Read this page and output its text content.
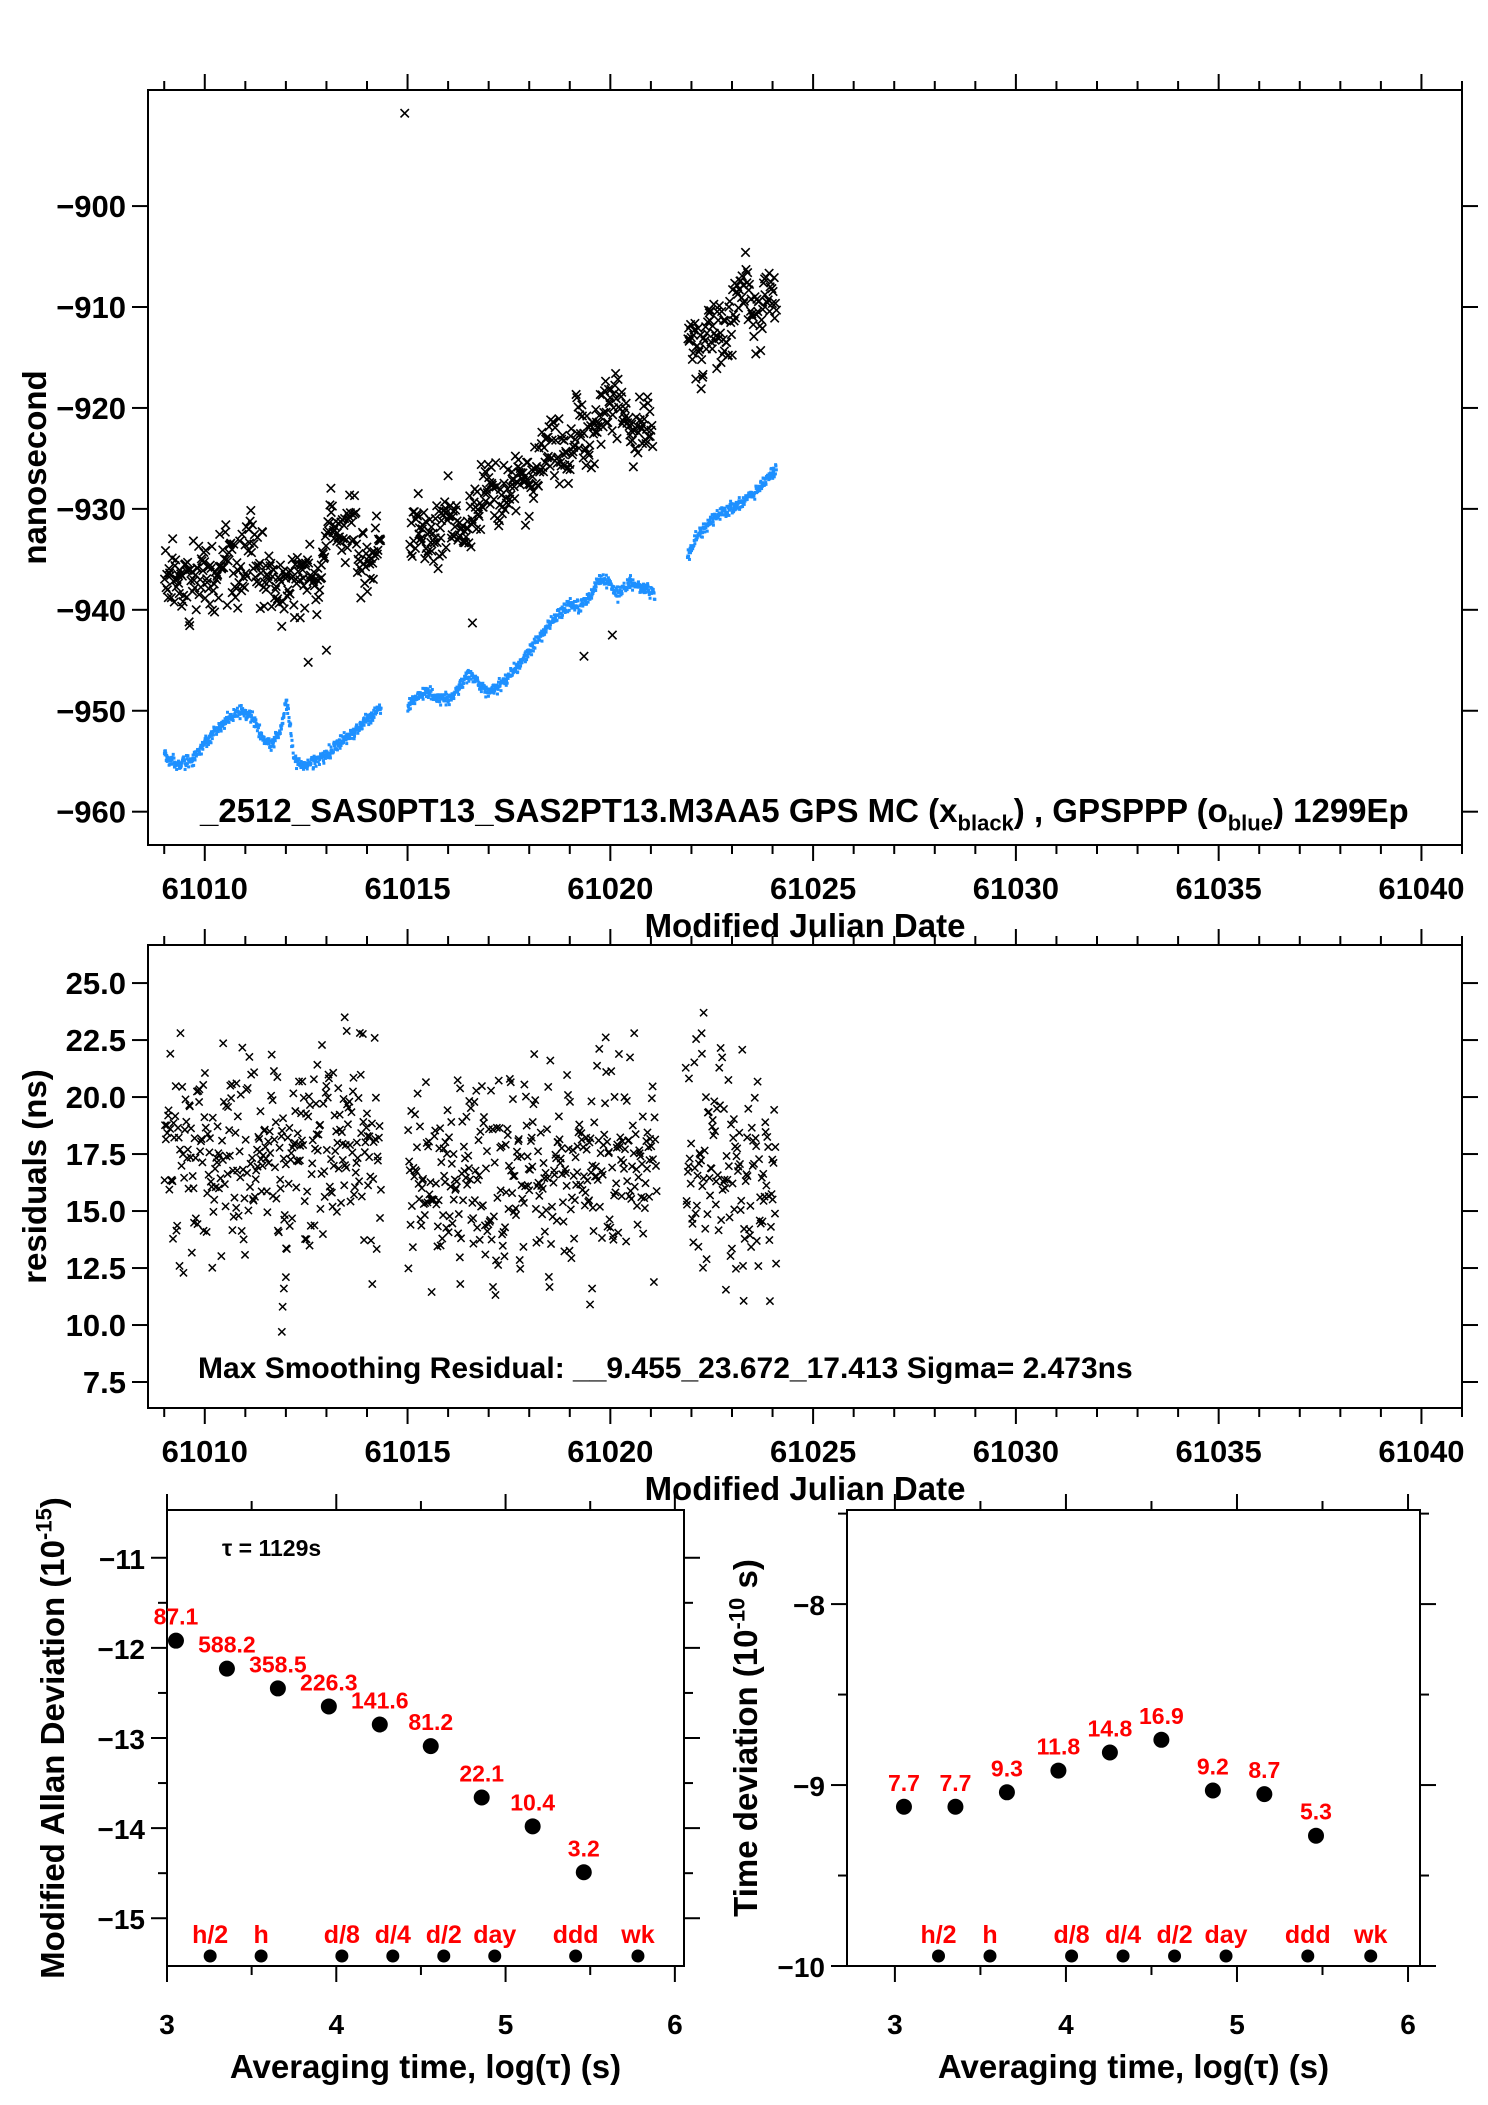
61010	61015	61020	61025	61030	61035	61040
−900
−910
−920
−930
−940
−950
−960
Modified Julian Date
nanosecond
_2512_SAS0PT13_SAS2PT13.M3AA5 GPS MC $(x_{black})$ , GPSPPP $(o_{blue})$ 1299Ep
61010	61015	61020	61025	61030	61035	61040
25.0
22.5
20.0
17.5
15.0
12.5
10.0
7.5
Modified Julian Date
residuals (ns)
Max Smoothing Residual: __9.455_23.672_17.413 Sigma= 2.473ns
3	4	5	6
−11
−12
−13
−14
−15
Averaging time, log(τ) (s)
Modified Allan Deviation $(10^{-15})$
87.1
588.2
358.5
226.3
141.6
81.2
22.1
10.4
3.2
h/2 h d/8 d/4 d/2 day ddd wk
τ = 1129s
3	4	5	6
−8
−9
−10
Averaging time, log(τ) (s)
Time deviation ($10^{-10}$ s)
7.7 7.7
9.3
11.8
14.8 16.9
9.2 8.7
5.3
h/2 h d/8 d/4 d/2 day ddd wk
